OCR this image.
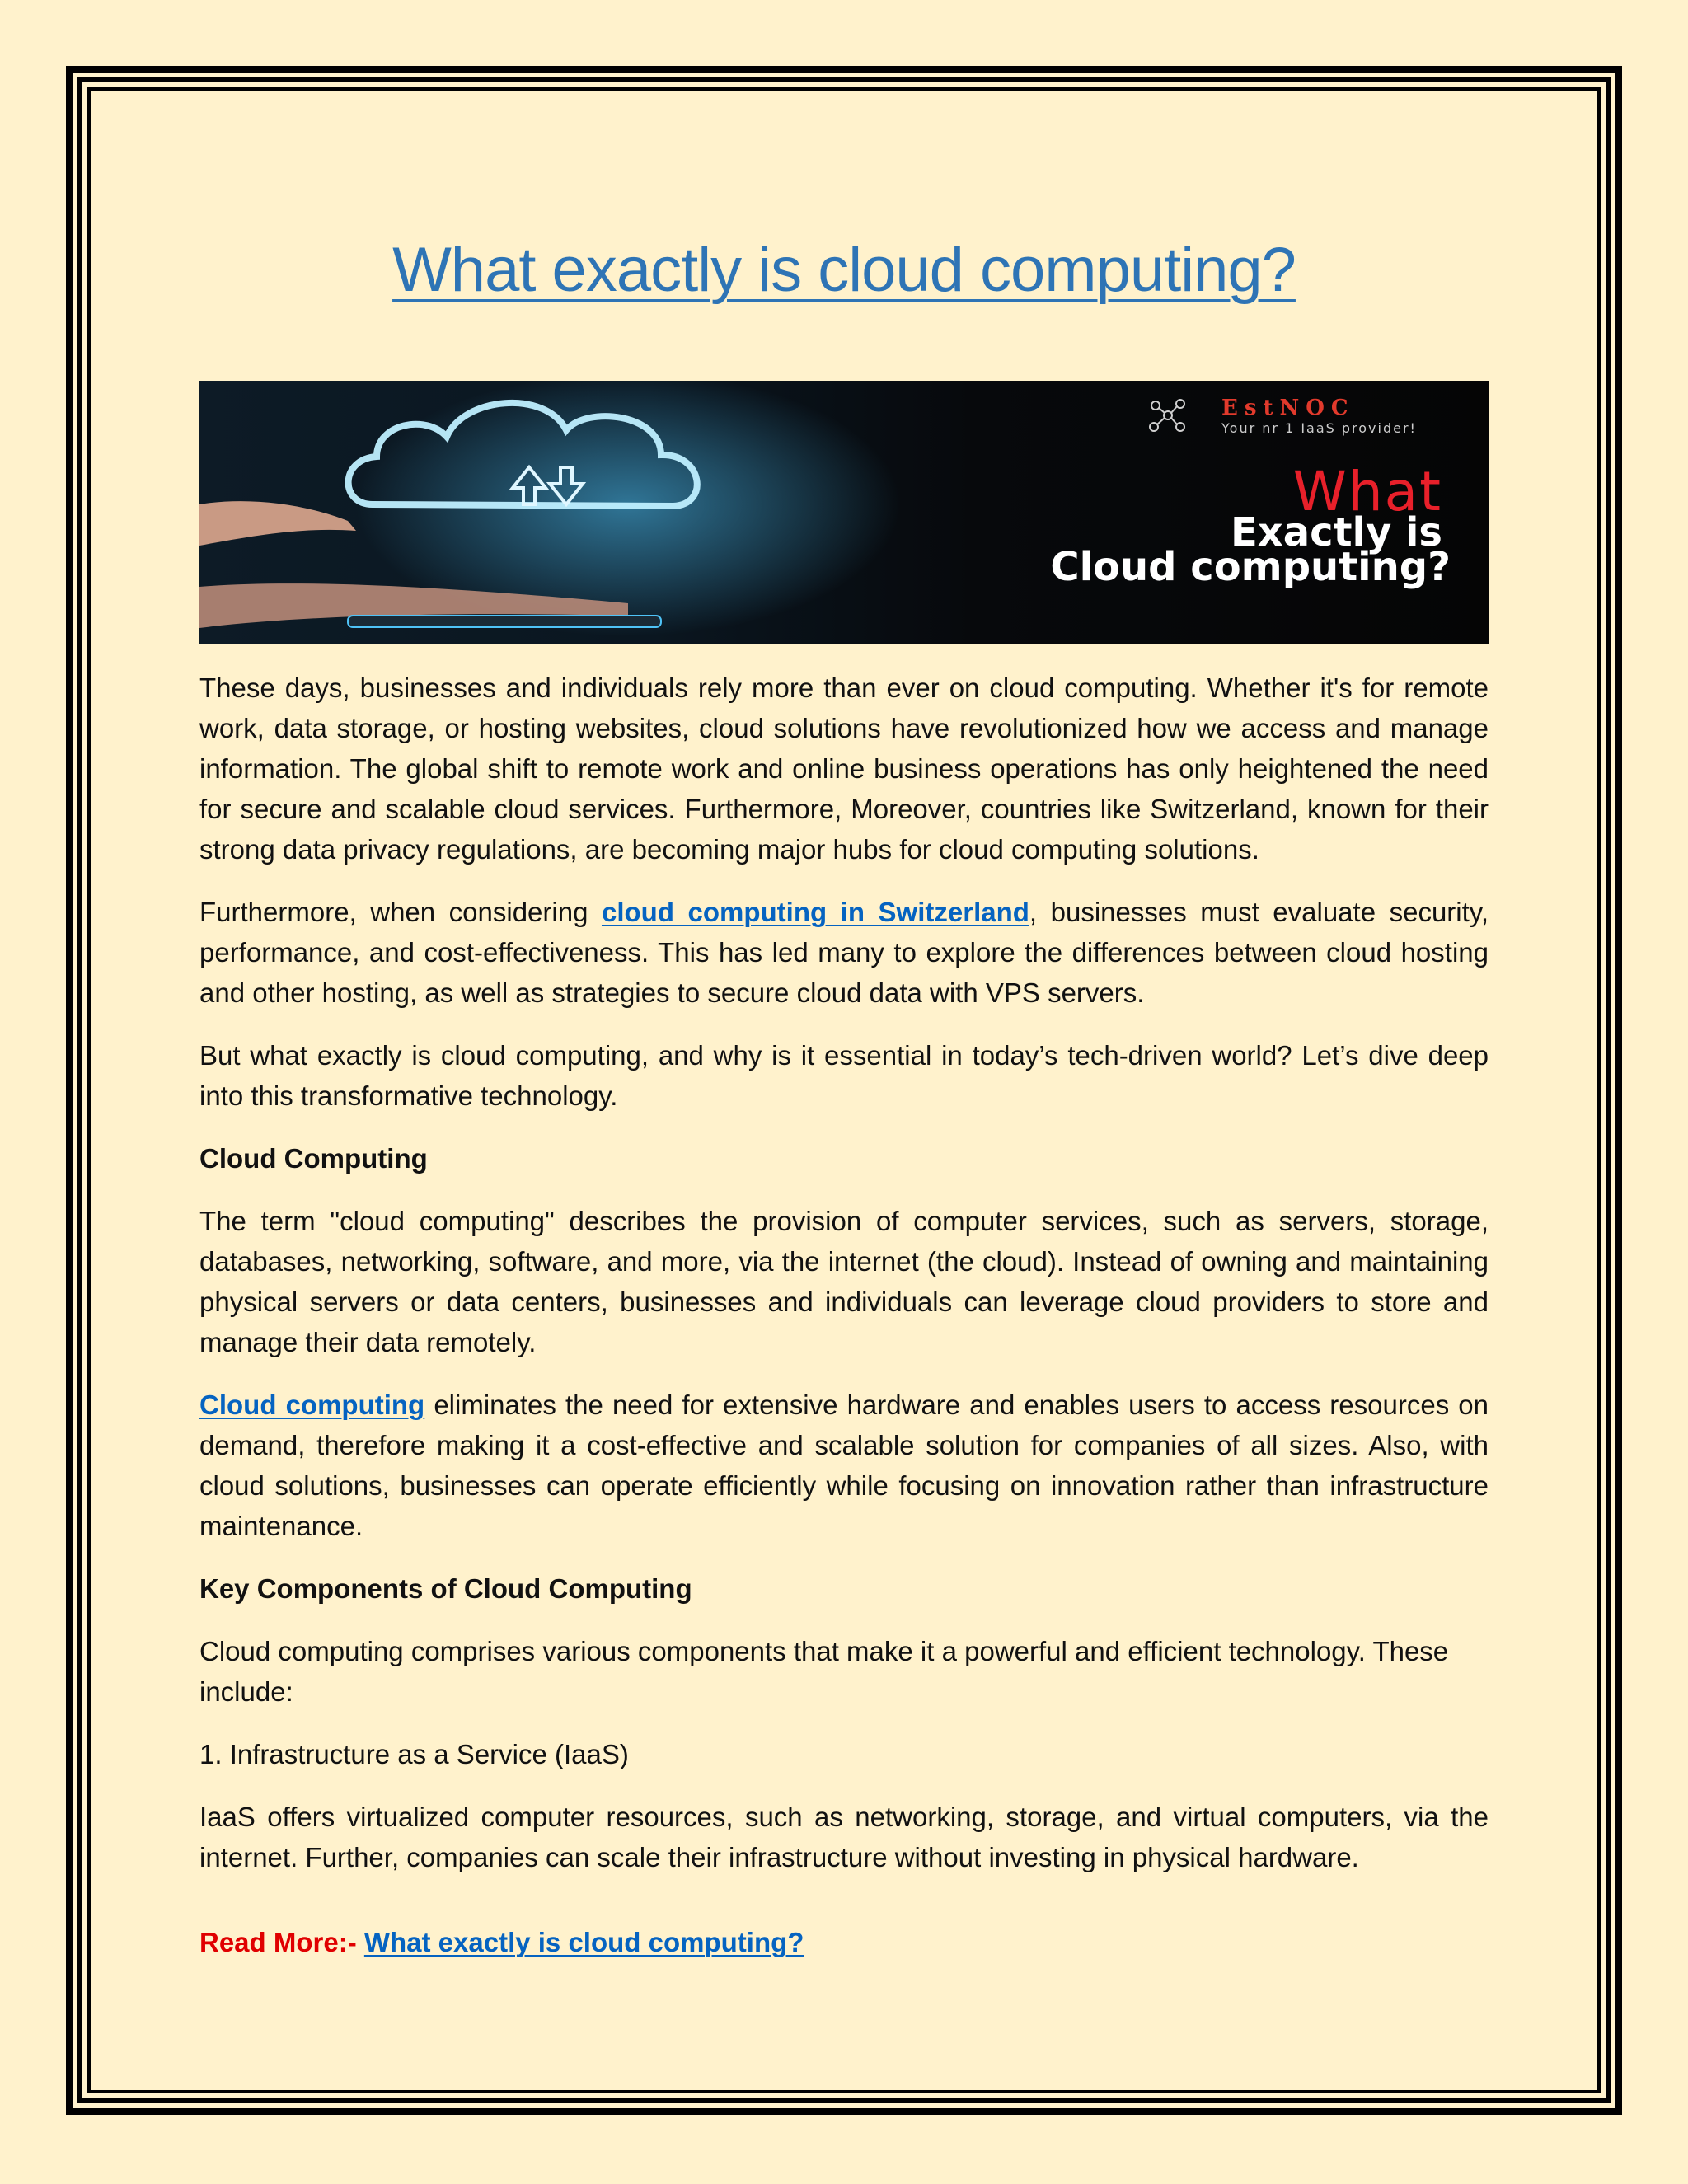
What exactly is cloud computing?
EstNOC
Your nr 1 IaaS provider!
What
Exactly is
Cloud computing?

These days, businesses and individuals rely more than ever on cloud computing. Whether it's for remote work, data storage, or hosting websites, cloud solutions have revolutionized how we access and manage information. The global shift to remote work and online business operations has only heightened the need for secure and scalable cloud services. Furthermore, Moreover, countries like Switzerland, known for their strong data privacy regulations, are becoming major hubs for cloud computing solutions.

Furthermore, when considering cloud computing in Switzerland, businesses must evaluate security, performance, and cost-effectiveness. This has led many to explore the differences between cloud hosting and other hosting, as well as strategies to secure cloud data with VPS servers.

But what exactly is cloud computing, and why is it essential in today’s tech-driven world? Let’s dive deep into this transformative technology.

Cloud Computing

The term "cloud computing" describes the provision of computer services, such as servers, storage, databases, networking, software, and more, via the internet (the cloud). Instead of owning and maintaining physical servers or data centers, businesses and individuals can leverage cloud providers to store and manage their data remotely.

Cloud computing eliminates the need for extensive hardware and enables users to access resources on demand, therefore making it a cost-effective and scalable solution for companies of all sizes. Also, with cloud solutions, businesses can operate efficiently while focusing on innovation rather than infrastructure maintenance.

Key Components of Cloud Computing

Cloud computing comprises various components that make it a powerful and efficient technology. These include:

1. Infrastructure as a Service (IaaS)

IaaS offers virtualized computer resources, such as networking, storage, and virtual computers, via the internet. Further, companies can scale their infrastructure without investing in physical hardware.

Read More:- What exactly is cloud computing?
